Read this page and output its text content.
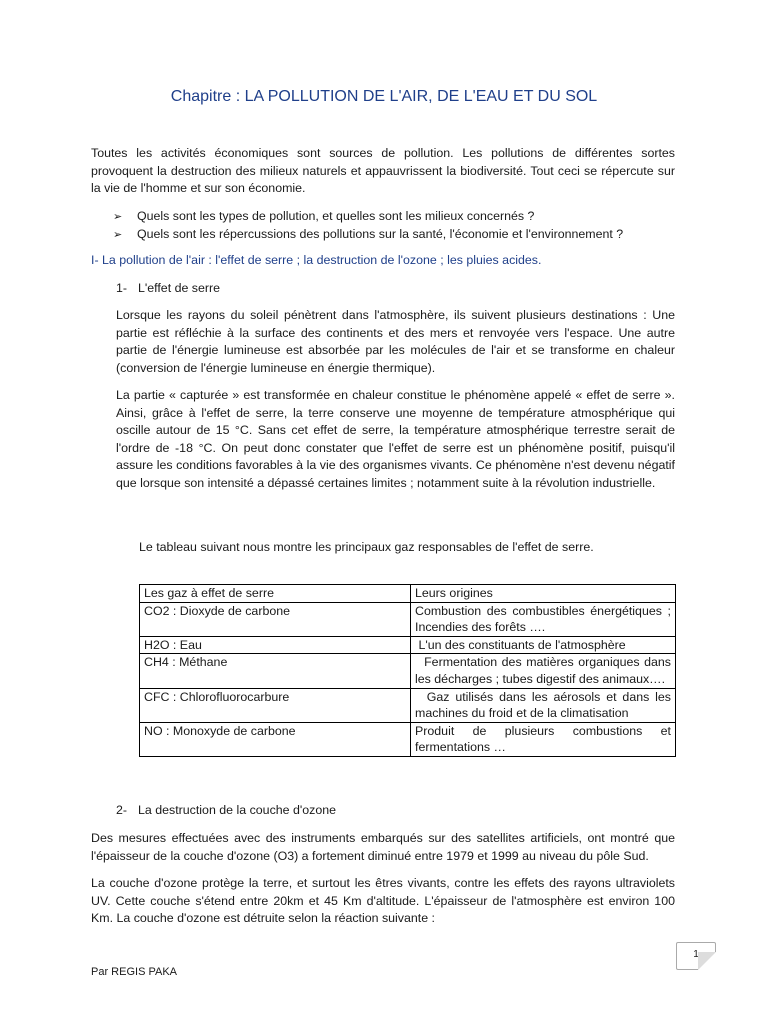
Chapitre : LA POLLUTION DE L'AIR, DE L'EAU ET DU SOL
Toutes les activités économiques sont sources de pollution. Les pollutions de différentes sortes provoquent la destruction des milieux naturels et appauvrissent la biodiversité. Tout ceci se répercute sur la vie de l'homme et sur son économie.
➢	Quels sont les types de pollution, et quelles sont les milieux concernés ?
➢	Quels sont les répercussions des pollutions sur la santé, l'économie et l'environnement ?
I- La pollution de l'air : l'effet de serre ; la destruction de l'ozone ; les pluies acides.
1- L'effet de serre
Lorsque les rayons du soleil pénètrent dans l'atmosphère, ils suivent plusieurs destinations : Une partie est réfléchie à la surface des continents et des mers et renvoyée vers l'espace. Une autre partie de l'énergie lumineuse est absorbée par les molécules de l'air et se transforme en chaleur (conversion de l'énergie lumineuse en énergie thermique).
La partie « capturée » est transformée en chaleur constitue le phénomène appelé « effet de serre ». Ainsi, grâce à l'effet de serre, la terre conserve une moyenne de température atmosphérique qui oscille autour de 15 °C. Sans cet effet de serre, la température atmosphérique terrestre serait de l'ordre de -18 °C. On peut donc constater que l'effet de serre est un phénomène positif, puisqu'il assure les conditions favorables à la vie des organismes vivants. Ce phénomène n'est devenu négatif que lorsque son intensité a dépassé certaines limites ; notamment suite à la révolution industrielle.
Le tableau suivant nous montre les principaux gaz responsables de l'effet de serre.
Les gaz à effet de serre	Leurs origines
CO2 : Dioxyde de carbone	Combustion des combustibles énergétiques ; Incendies des forêts ….
H2O : Eau	L'un des constituants de l'atmosphère
CH4 : Méthane	Fermentation des matières organiques dans les décharges ; tubes digestif des animaux….
CFC : Chlorofluorocarbure	Gaz utilisés dans les aérosols et dans les machines du froid et de la climatisation
NO : Monoxyde de carbone	Produit de plusieurs combustions et fermentations …
2- La destruction de la couche d'ozone
Des mesures effectuées avec des instruments embarqués sur des satellites artificiels, ont montré que l'épaisseur de la couche d'ozone (O3) a fortement diminué entre 1979 et 1999 au niveau du pôle Sud.
La couche d'ozone protège la terre, et surtout les êtres vivants, contre les effets des rayons ultraviolets UV. Cette couche s'étend entre 20km et 45 Km d'altitude. L'épaisseur de l'atmosphère est environ 100 Km. La couche d'ozone est détruite selon la réaction suivante :
1
Par REGIS PAKA
